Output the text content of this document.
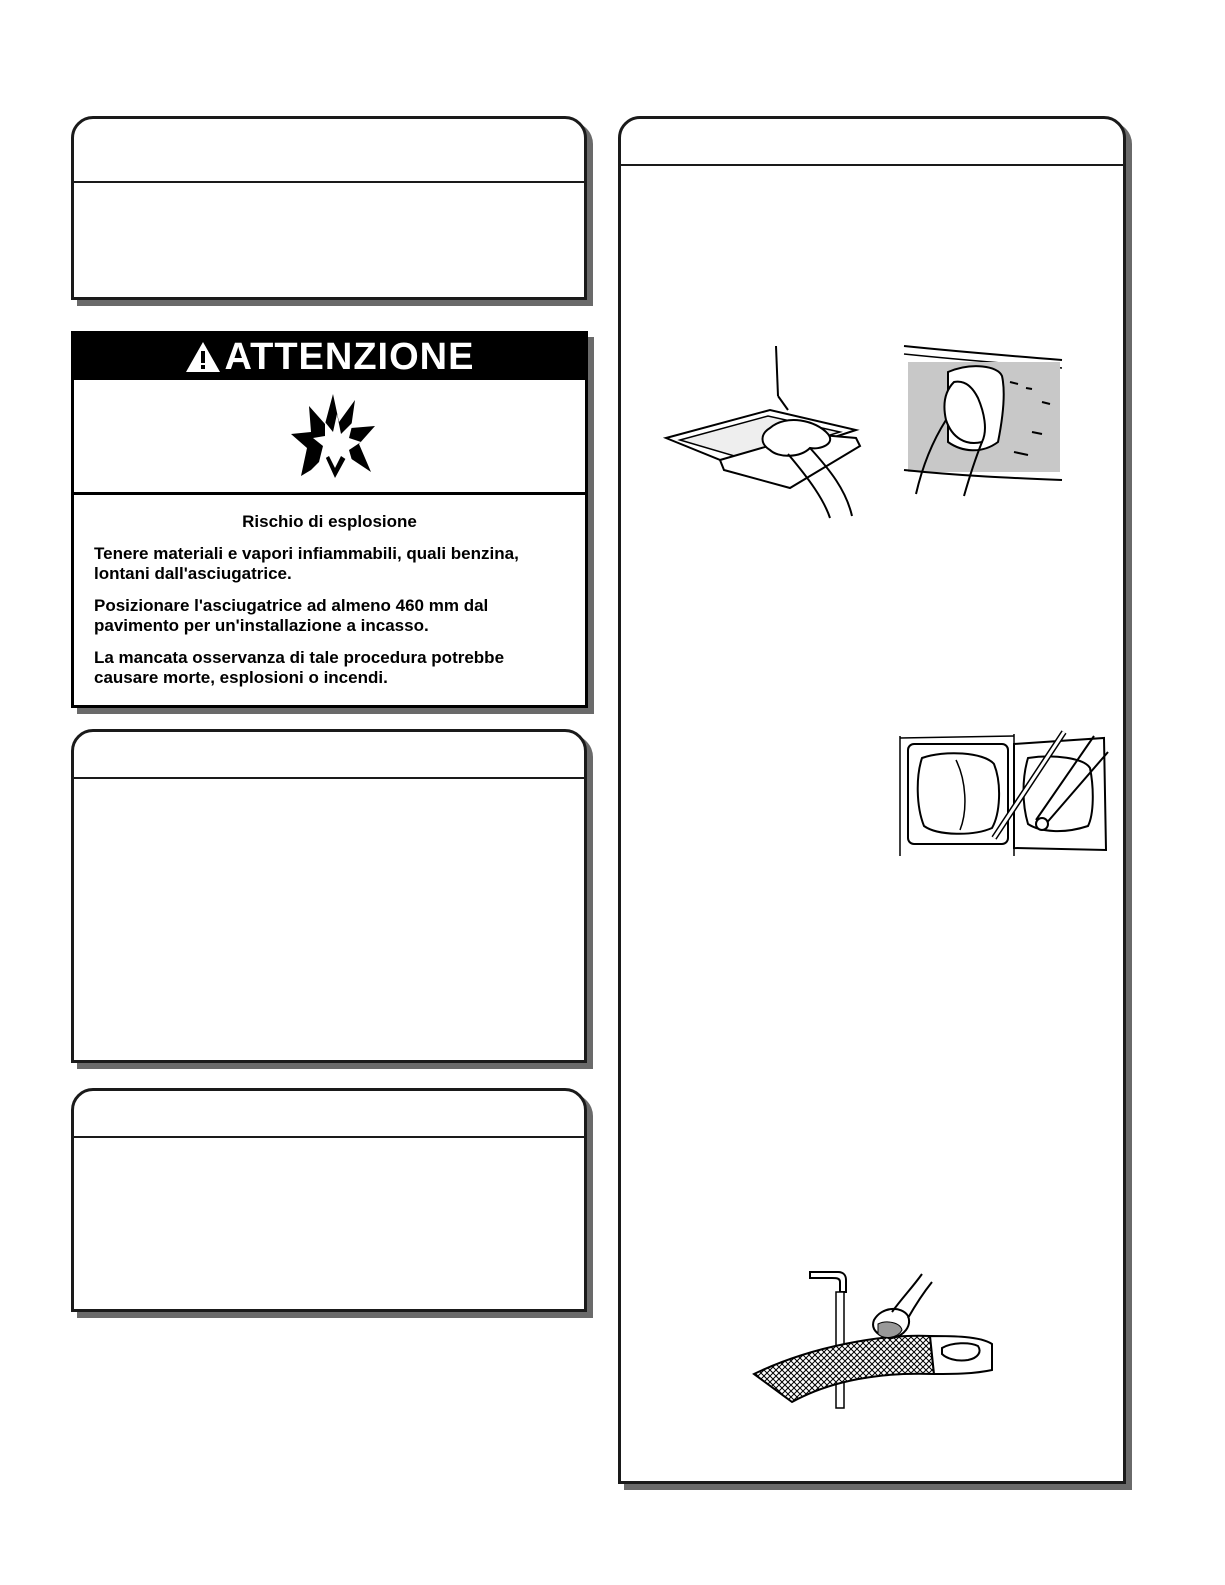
ATTENZIONE
Rischio di esplosione

Tenere materiali e vapori infiammabili, quali benzina, lontani dall'asciugatrice.

Posizionare l'asciugatrice ad almeno 460 mm dal pavimento per un'installazione a incasso.

La mancata osservanza di tale procedura potrebbe causare morte, esplosioni o incendi.
